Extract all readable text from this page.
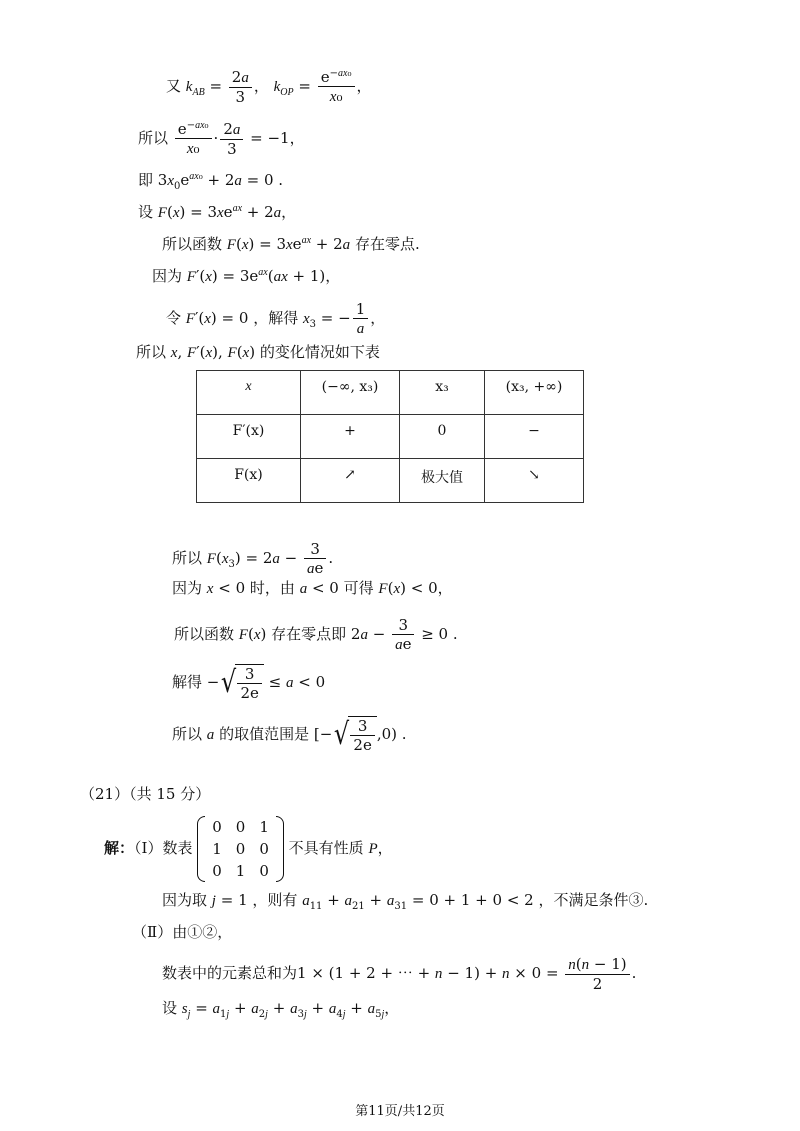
又 $k_{AB} = \frac{2a}{3}$ ， $k_{OP} = \frac{e^{-ax_0}}{\text{x₀}}$ ，
所以 $\frac{e^{-ax_0}}{\text{x₀}} \cdot \frac{2a}{3} = -1$，
即 $3x_0e^{ax_0} + 2a = 0$ .
设 $F(x) = 3xe^{ax} + 2a$，
所以函数 $F(x) = 3xe^{ax} + 2a$ 存在零点.
因为 $F'(x) = 3e^{ax}(ax + 1)$，
令 F′(x) = 0 ，解得 $x_3$ = − $\frac{1}{a}$ ，
所以 x, F′(x), F(x) 的变化情况如下表
x	(−∞, x₃)	x₃	(x₃, +∞)
F′(x)	+	0	−
F(x)	↗	极大值	↘
所以 $F(x_3) = 2a - \frac{3}{ae}$ .
因为 x < 0 时，由 a < 0 可得 F(x) < 0，
所以函数 F(x) 存在零点即 $2a - \frac{3}{ae} \ge 0$ .
解得 −√ $\frac{3}{2e} \le a < 0$
所以 a 的取值范围是 [−√ $\frac{3}{2e} ,0$) .
（21）（共 15 分）
解：（Ⅰ）数表
0	0	1
1	0	0
0	1	0
不具有性质 P，
因为取 j = 1 ，则有 $a_{11} + a_{21} + a_{31} = 0 + 1 + 0 < 2$ ，不满足条件③.
（Ⅱ）由①②，
数表中的元素总和为1 × (1 + 2 + ⋯ + $n - 1) + n \times 0 = \frac{n(n - 1)}{2}$ .
设 $s_j = a_{1j} + a_{2j} + a_{3j} + a_{4j} + a_{5j}$，
第11页/共12页
